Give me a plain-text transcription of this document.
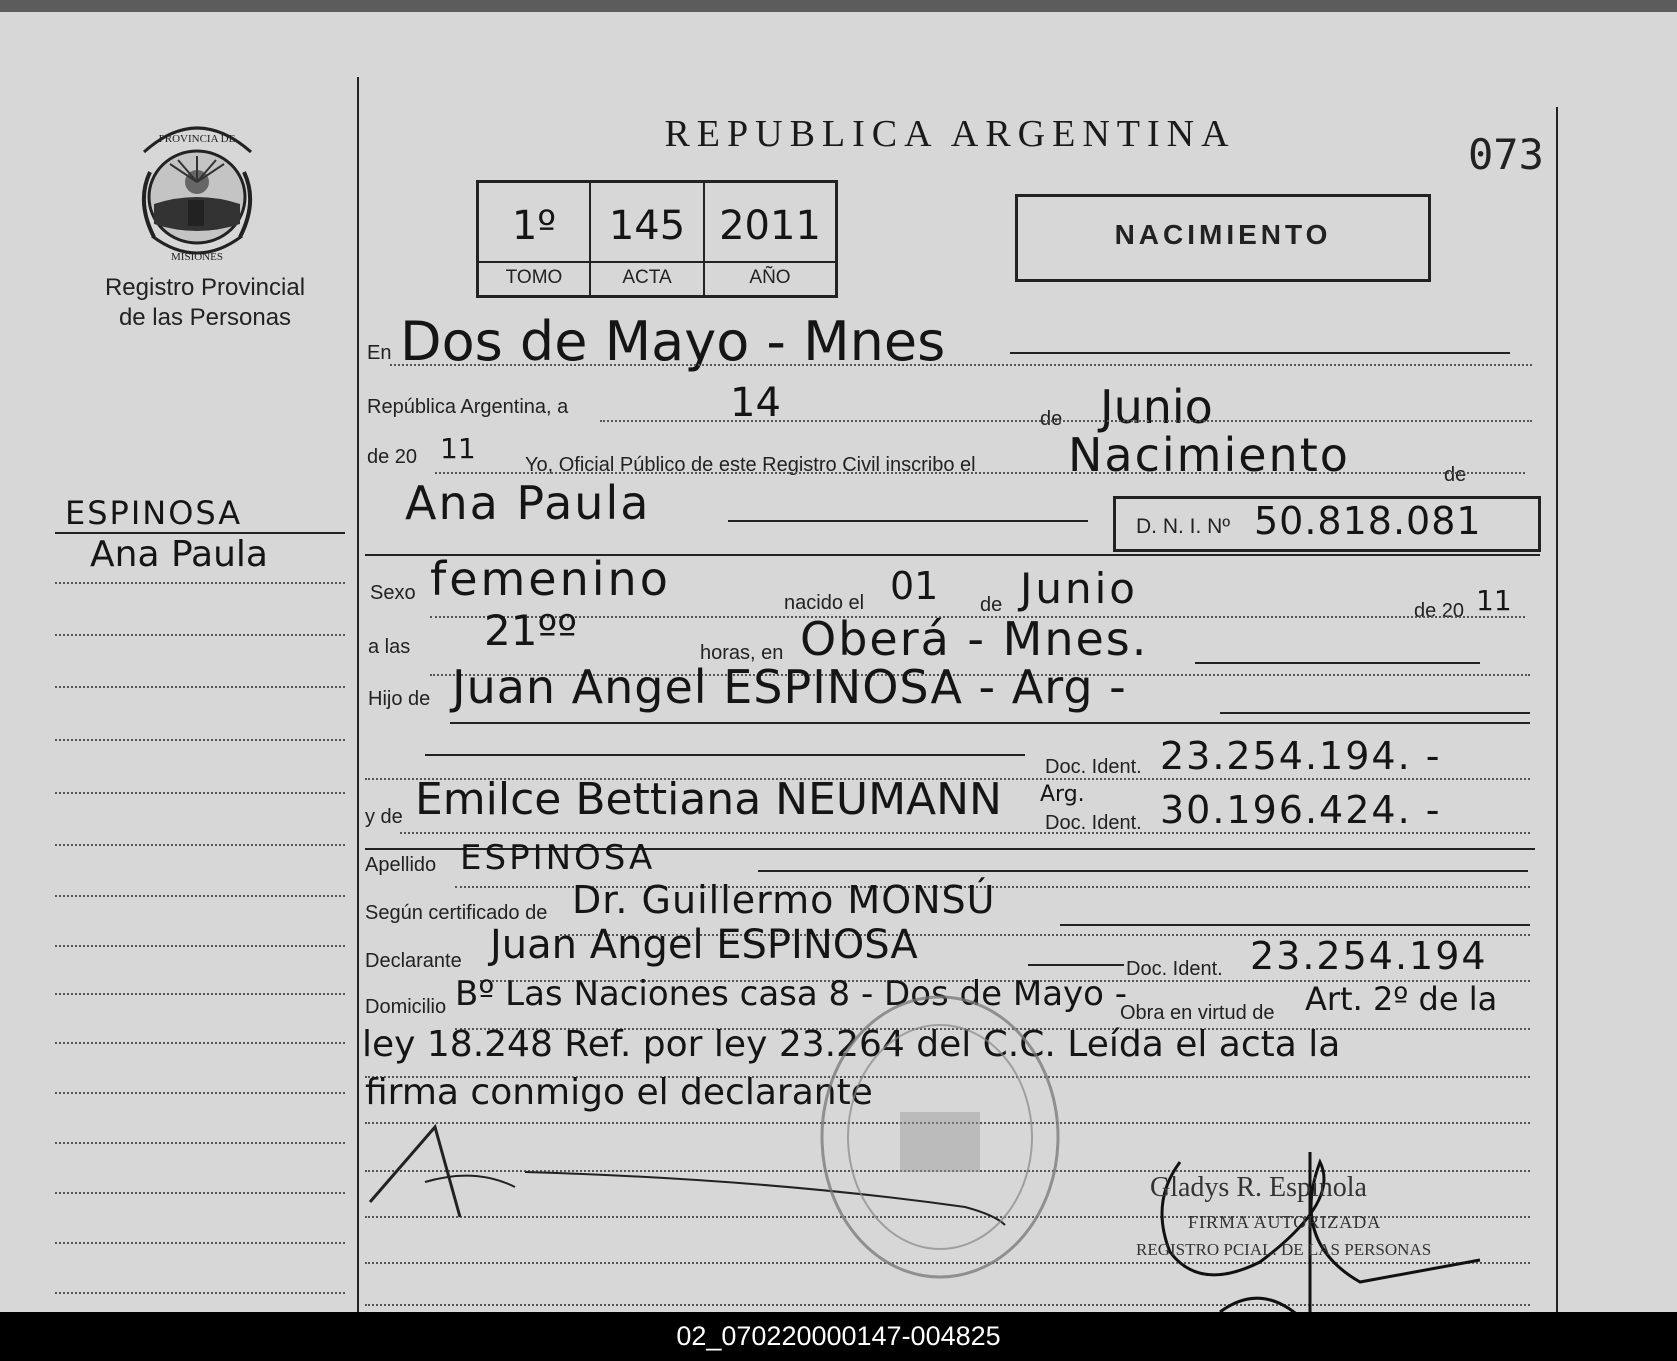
PROVINCIA DE
MISIONES
Registro Provincial
de las Personas
ESPINOSA
Ana Paula
REPUBLICA ARGENTINA	073
1º	145 2011
TOMO	ACTA	AÑO
NACIMIENTO
En Dos de Mayo - Mnes
República Argentina, a	14	de Junio
de 20 11 Yo, Oficial Público de este Registro Civil inscribo el Nacimiento	de
Ana Paula	D. N. I. Nº 50.818.081
Sexo femenino	nacido el 01 de Junio	de 20 11
a las 21ºº	horas, en Oberá - Mnes.
Hijo de Juan Angel ESPINOSA - Arg -
Doc. Ident. 23.254.194. -
y de Emilce Bettiana NEUMANN Arg.
Doc. Ident. 30.196.424. -
Apellido ESPINOSA
Según certificado de Dr. Guillermo MONSÚ
Declarante Juan Angel ESPINOSA
Doc. Ident. 23.254.194
Domicilio Bº Las Naciones casa 8 - Dos de Mayo -
Obra en virtud de Art. 2º de la
ley 18.248 Ref. por ley 23.264 del C.C. Leída el acta la
firma conmigo el declarante
Gladys R. Espinola
FIRMA AUTORIZADA
REGISTRO PCIAL. DE LAS PERSONAS
02_070220000147-004825
